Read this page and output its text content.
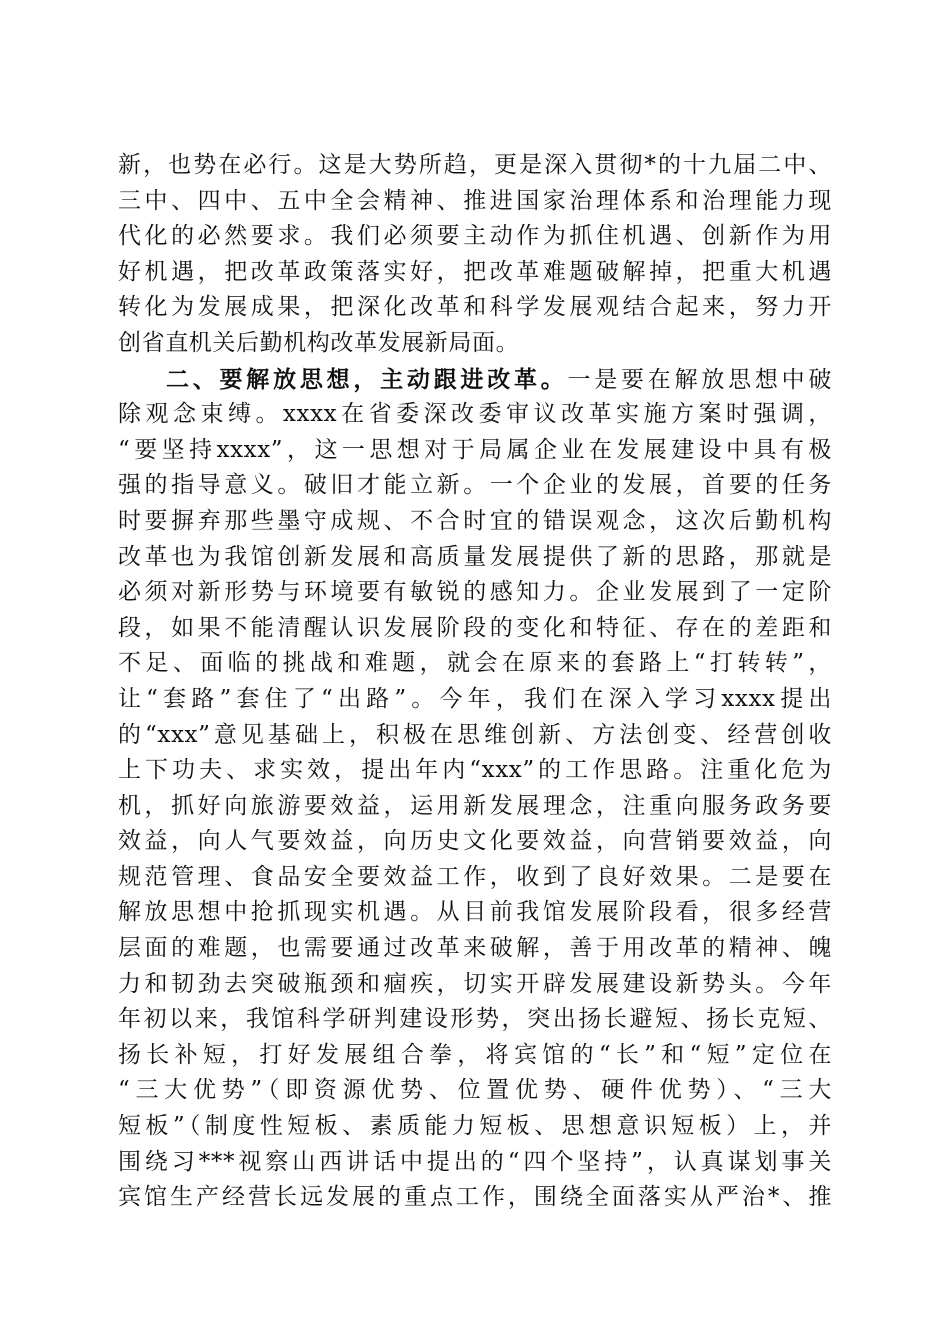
新，也势在必行。这是大势所趋，更是深入贯彻*的十九届二中、
三中、四中、五中全会精神、推进国家治理体系和治理能力现
代化的必然要求。我们必须要主动作为抓住机遇、创新作为用
好机遇，把改革政策落实好，把改革难题破解掉，把重大机遇
转化为发展成果，把深化改革和科学发展观结合起来，努力开
创省直机关后勤机构改革发展新局面。
二、要解放思想，主动跟进改革。一是要在解放思想中破
除观念束缚。xxxx在省委深改委审议改革实施方案时强调，
“要坚持xxxx”，这一思想对于局属企业在发展建设中具有极
强的指导意义。破旧才能立新。一个企业的发展，首要的任务
时要摒弃那些墨守成规、不合时宜的错误观念，这次后勤机构
改革也为我馆创新发展和高质量发展提供了新的思路，那就是
必须对新形势与环境要有敏锐的感知力。企业发展到了一定阶
段，如果不能清醒认识发展阶段的变化和特征、存在的差距和
不足、面临的挑战和难题，就会在原来的套路上“打转转”，
让“套路”套住了“出路”。今年，我们在深入学习xxxx提出
的“xxx”意见基础上，积极在思维创新、方法创变、经营创收
上下功夫、求实效，提出年内“xxx”的工作思路。注重化危为
机，抓好向旅游要效益，运用新发展理念，注重向服务政务要
效益，向人气要效益，向历史文化要效益，向营销要效益，向
规范管理、食品安全要效益工作，收到了良好效果。二是要在
解放思想中抢抓现实机遇。从目前我馆发展阶段看，很多经营
层面的难题，也需要通过改革来破解，善于用改革的精神、魄
力和韧劲去突破瓶颈和痼疾，切实开辟发展建设新势头。今年
年初以来，我馆科学研判建设形势，突出扬长避短、扬长克短、
扬长补短，打好发展组合拳，将宾馆的“长”和“短”定位在
“三大优势”（即资源优势、位置优势、硬件优势）、“三大
短板”（制度性短板、素质能力短板、思想意识短板）上，并
围绕习***视察山西讲话中提出的“四个坚持”，认真谋划事关
宾馆生产经营长远发展的重点工作，围绕全面落实从严治*、推
